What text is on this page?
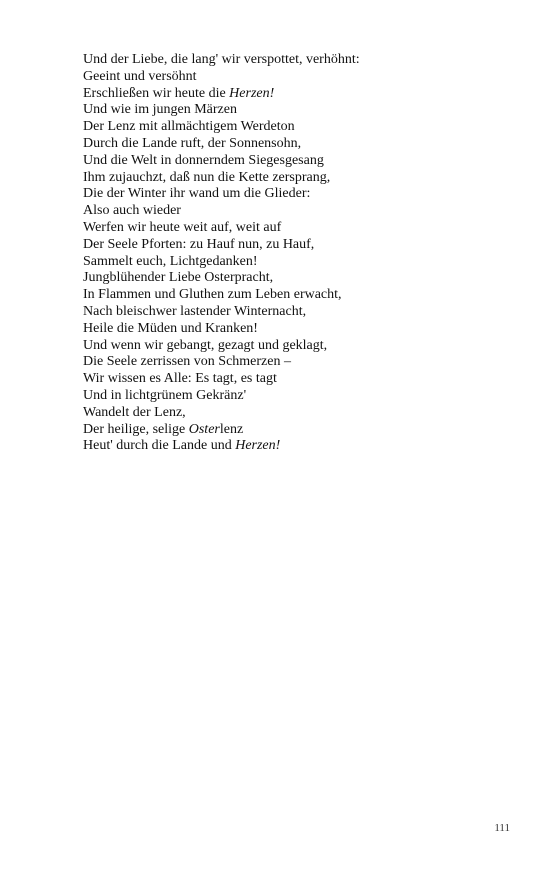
Und der Liebe, die lang' wir verspottet, verhöhnt:
Geeint und versöhnt
Erschließen wir heute die Herzen!
Und wie im jungen Märzen
Der Lenz mit allmächtigem Werdeton
Durch die Lande ruft, der Sonnensohn,
Und die Welt in donnerndem Siegesgesang
Ihm zujauchzt, daß nun die Kette zersprang,
Die der Winter ihr wand um die Glieder:
Also auch wieder
Werfen wir heute weit auf, weit auf
Der Seele Pforten: zu Hauf nun, zu Hauf,
Sammelt euch, Lichtgedanken!
Jungblühender Liebe Osterpracht,
In Flammen und Gluthen zum Leben erwacht,
Nach bleischwer lastender Winternacht,
Heile die Müden und Kranken!
Und wenn wir gebangt, gezagt und geklagt,
Die Seele zerrissen von Schmerzen –
Wir wissen es Alle: Es tagt, es tagt
Und in lichtgrünem Gekränz'
Wandelt der Lenz,
Der heilige, selige Osterlenz
Heut' durch die Lande und Herzen!
111
